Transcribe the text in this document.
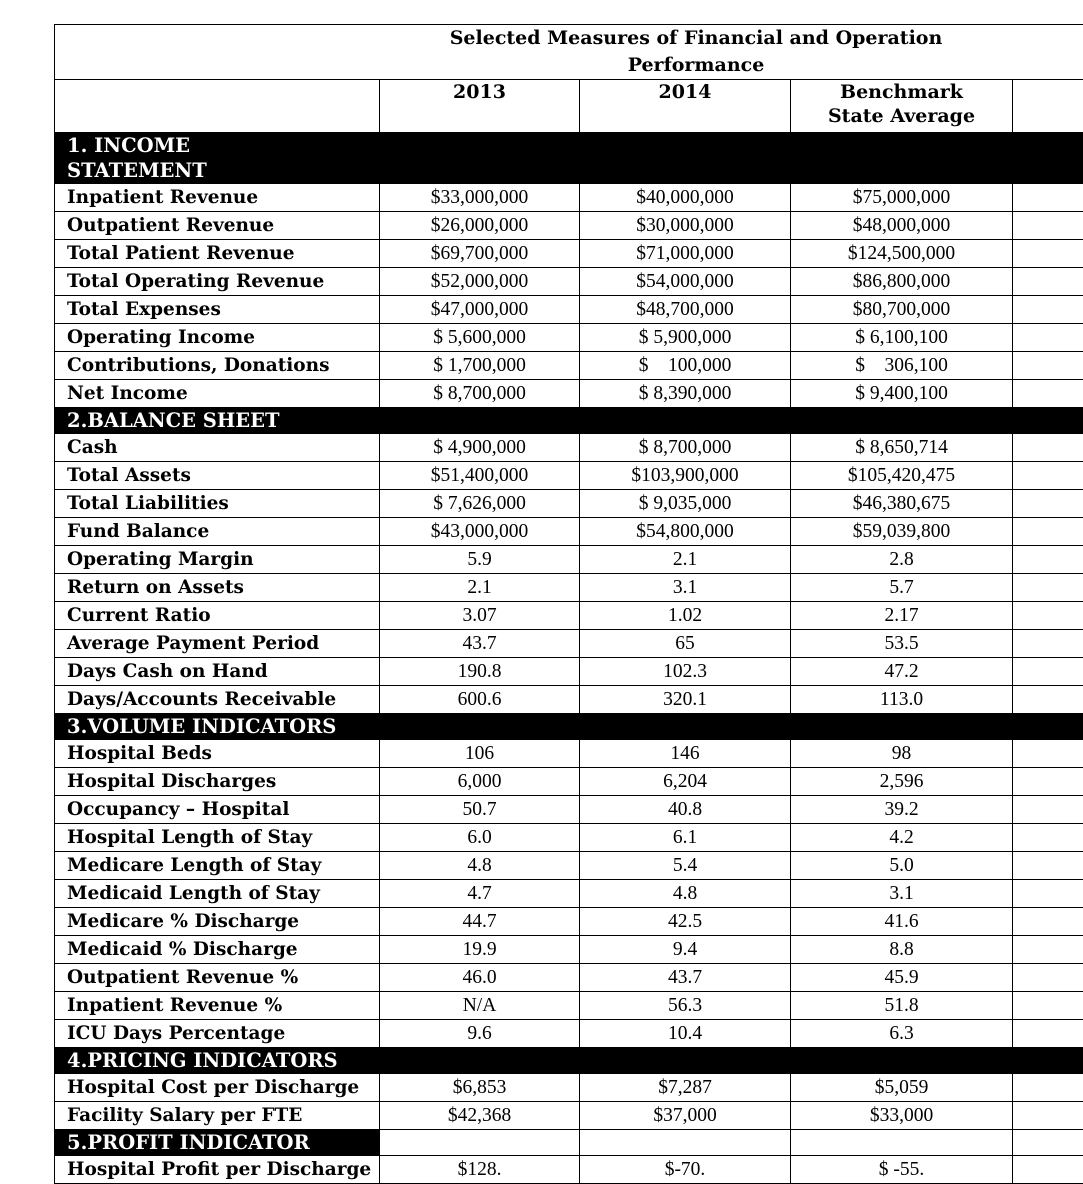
	Selected Measures of Financial and Operation Performance			
	2013	2014	Benchmark
State Average	
1. INCOME
STATEMENT				
Inpatient Revenue	$33,000,000	$40,000,000	$75,000,000	
Outpatient Revenue	$26,000,000	$30,000,000	$48,000,000	
Total Patient Revenue	$69,700,000	$71,000,000	$124,500,000	
Total Operating Revenue	$52,000,000	$54,000,000	$86,800,000	
Total Expenses	$47,000,000	$48,700,000	$80,700,000	
Operating Income	$ 5,600,000	$ 5,900,000	$ 6,100,100	
Contributions, Donations	$ 1,700,000	$    100,000	$    306,100	
Net Income	$ 8,700,000	$ 8,390,000	$ 9,400,100	
2.BALANCE SHEET				
Cash	$ 4,900,000	$ 8,700,000	$ 8,650,714	
Total Assets	$51,400,000	$103,900,000	$105,420,475	
Total Liabilities	$ 7,626,000	$ 9,035,000	$46,380,675	
Fund Balance	$43,000,000	$54,800,000	$59,039,800	
Operating Margin	5.9	2.1	2.8	
Return on Assets	2.1	3.1	5.7	
Current Ratio	3.07	1.02	2.17	
Average Payment Period	43.7	65	53.5	
Days Cash on Hand	190.8	102.3	47.2	
Days/Accounts Receivable	600.6	320.1	113.0	
3.VOLUME INDICATORS				
Hospital Beds	106	146	98	
Hospital Discharges	6,000	6,204	2,596	
Occupancy – Hospital	50.7	40.8	39.2	
Hospital Length of Stay	6.0	6.1	4.2	
Medicare Length of Stay	4.8	5.4	5.0	
Medicaid Length of Stay	4.7	4.8	3.1	
Medicare % Discharge	44.7	42.5	41.6	
Medicaid % Discharge	19.9	9.4	8.8	
Outpatient Revenue %	46.0	43.7	45.9	
Inpatient Revenue %	N/A	56.3	51.8	
ICU Days Percentage	9.6	10.4	6.3	
4.PRICING INDICATORS				
Hospital Cost per Discharge	$6,853	$7,287	$5,059	
Facility Salary per FTE	$42,368	$37,000	$33,000	
5.PROFIT INDICATOR				
Hospital Profit per Discharge	$128.	$-70.	$ -55.	
